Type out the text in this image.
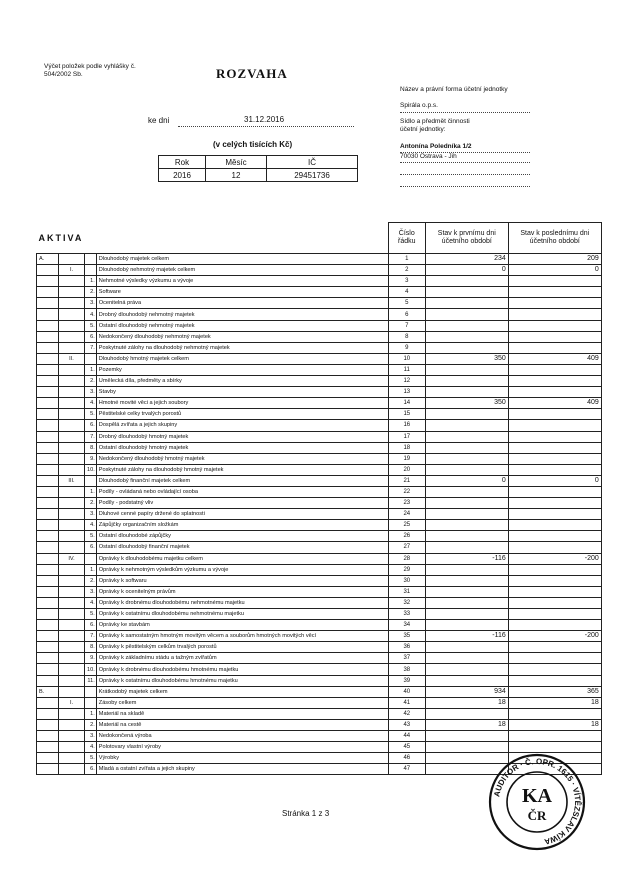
Výčet položek podle vyhlášky č. 504/2002 Sb.	ROZVAHA
ke dni	31.12.2016
(v celých tisících Kč)
Rok	Měsíc	IČ
2016	12	29451736
Název a právní forma účetní jednotky
Spirála o.p.s.
Sídlo a předmět činnosti
účetní jednotky:
Antonína Poledníka 1/2
70030 Ostrava - Jih
AKTIVA				Číslo řádku	Stav k prvnímu dni účetního období	Stav k poslednímu dni účetního období
A.			Dlouhodobý majetek celkem	1	234	209
	I.		Dlouhodobý nehmotný majetek celkem	2	0	0
		1.	Nehmotné výsledky výzkumu a vývoje	3		
		2.	Software	4		
		3.	Ocenitelná práva	5		
		4.	Drobný dlouhodobý nehmotný majetek	6		
		5.	Ostatní dlouhodobý nehmotný majetek	7		
		6.	Nedokončený dlouhodobý nehmotný majetek	8		
		7.	Poskytnuté zálohy na dlouhodobý nehmotný majetek	9		
	II.		Dlouhodobý hmotný majetek celkem	10	350	409
		1.	Pozemky	11		
		2.	Umělecká díla, předměty a sbírky	12		
		3.	Stavby	13		
		4.	Hmotné movité věci a jejich soubory	14	350	409
		5.	Pěstitelské celky trvalých porostů	15		
		6.	Dospělá zvířata a jejich skupiny	16		
		7.	Drobný dlouhodobý hmotný majetek	17		
		8.	Ostatní dlouhodobý hmotný majetek	18		
		9.	Nedokončený dlouhodobý hmotný majetek	19		
		10.	Poskytnuté zálohy na dlouhodobý hmotný majetek	20		
	III.		Dlouhodobý finanční majetek celkem	21	0	0
		1.	Podíly - ovládaná nebo ovládající osoba	22		
		2.	Podíly - podstatný vliv	23		
		3.	Dluhové cenné papíry držené do splatnosti	24		
		4.	Zápůjčky organizačním složkám	25		
		5.	Ostatní dlouhodobé zápůjčky	26		
		6.	Ostatní dlouhodobý finanční majetek	27		
	IV.		Oprávky k dlouhodobému majetku celkem	28	-116	-200
		1.	Oprávky k nehmotným výsledkům výzkumu a vývoje	29		
		2.	Oprávky k softwaru	30		
		3.	Oprávky k ocenitelným právům	31		
		4.	Oprávky k drobnému dlouhodobému nehmotnému majetku	32		
		5.	Oprávky k ostatnímu dlouhodobému nehmotnému majetku	33		
		6.	Oprávky ke stavbám	34		
		7.	Oprávky k samostatným hmotným movitým věcem a souborům hmotných movitých věcí	35	-116	-200
		8.	Oprávky k pěstitelským celkům trvalých porostů	36		
		9.	Oprávky k základnímu stádu a tažným zvířatům	37		
		10.	Oprávky k drobnému dlouhodobému hmotnému majetku	38		
		11.	Oprávky k ostatnímu dlouhodobému hmotnému majetku	39		
B.			Krátkodobý majetek celkem	40	934	365
	I.		Zásoby celkem	41	18	18
		1.	Materiál na skladě	42		
		2.	Materiál na cestě	43	18	18
		3.	Nedokončená výroba	44		
		4.	Polotovary vlastní výroby	45		
		5.	Výrobky	46		
		6.	Mladá a ostatní zvířata a jejich skupiny	47		
Stránka 1 z 3
AUDITOR · Č. OPR. 1615 · VÍTĚZSLAV KÍWA
KA
ČR
